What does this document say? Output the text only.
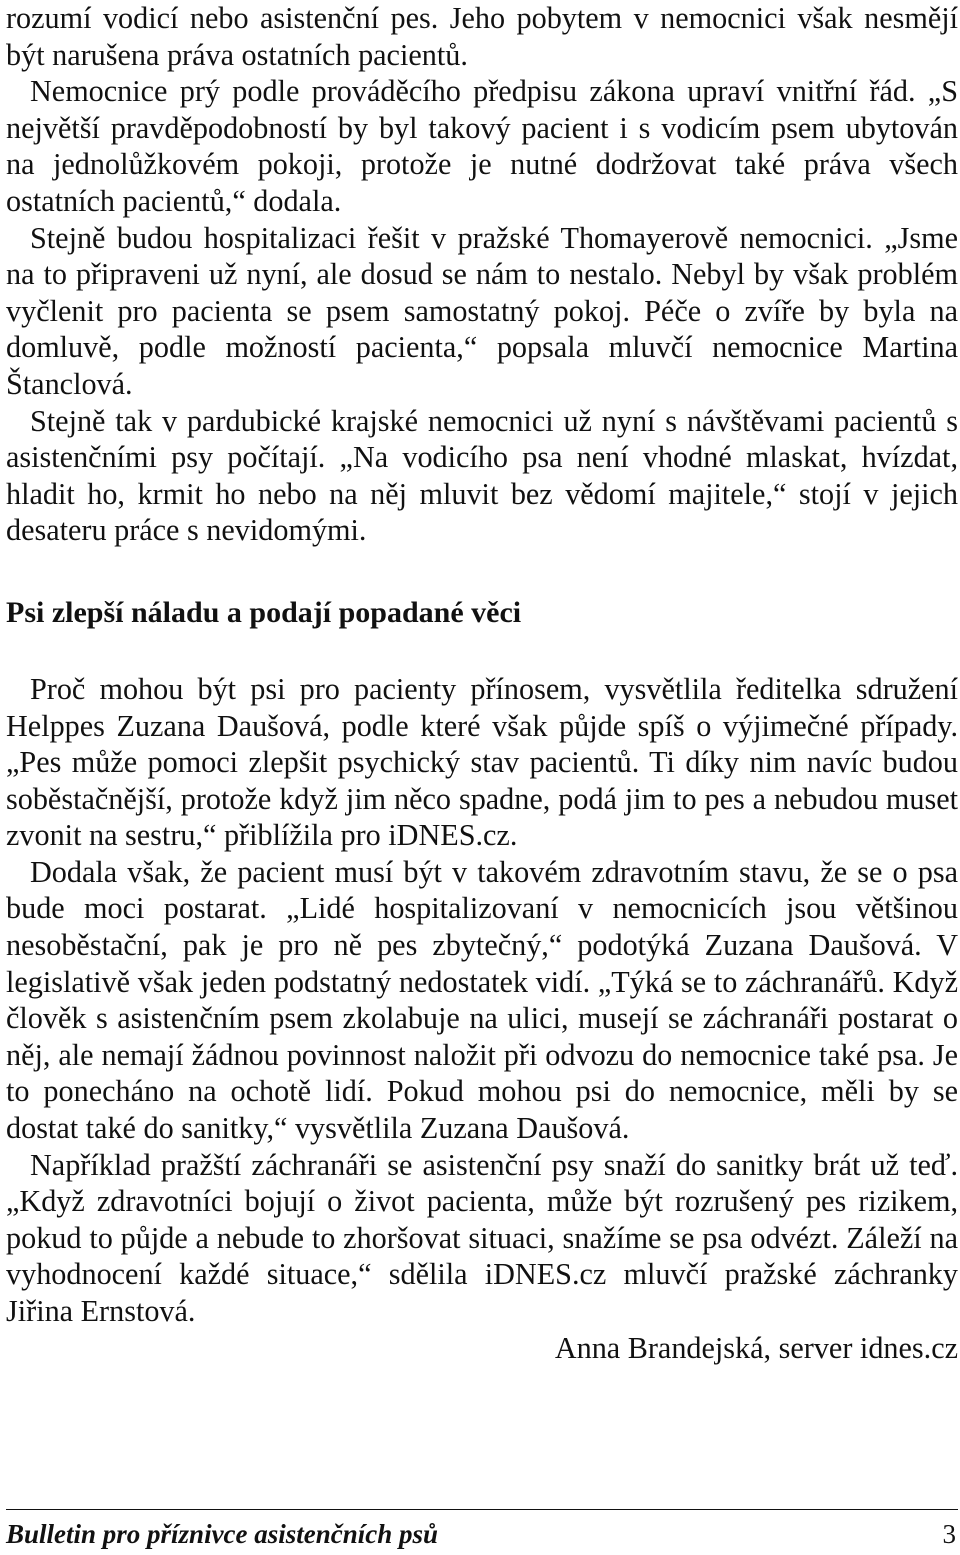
rozumí vodicí nebo asistenční pes. Jeho pobytem v nemocnici však nesmějí být narušena práva ostatních pacientů.

Nemocnice prý podle prováděcího předpisu zákona upraví vnitřní řád. „S největší pravděpodobností by byl takový pacient i s vodicím psem ubytován na jednolůžkovém pokoji, protože je nutné dodržovat také práva všech ostatních pacientů,“ dodala.

Stejně budou hospitalizaci řešit v pražské Thomayerově nemocnici. „Jsme na to připraveni už nyní, ale dosud se nám to nestalo. Nebyl by však problém vyčlenit pro pacienta se psem samostatný pokoj. Péče o zvíře by byla na domluvě, podle možností pacienta,“ popsala mluvčí nemocnice Martina Štanclová.

Stejně tak v pardubické krajské nemocnici už nyní s návštěvami pacientů s asistenčními psy počítají. „Na vodicího psa není vhodné mlaskat, hvízdat, hladit ho, krmit ho nebo na něj mluvit bez vědomí majitele,“ stojí v jejich desateru práce s nevidomými.

Psi zlepší náladu a podají popadané věci

Proč mohou být psi pro pacienty přínosem, vysvětlila ředitelka sdružení Helppes Zuzana Daušová, podle které však půjde spíš o výjimečné případy. „Pes může pomoci zlepšit psychický stav pacientů. Ti díky nim navíc budou soběstačnější, protože když jim něco spadne, podá jim to pes a nebudou muset zvonit na sestru,“ přiblížila pro iDNES.cz.

Dodala však, že pacient musí být v takovém zdravotním stavu, že se o psa bude moci postarat. „Lidé hospitalizovaní v nemocnicích jsou většinou nesoběstační, pak je pro ně pes zbytečný,“ podotýká Zuzana Daušová. V legislativě však jeden podstatný nedostatek vidí. „Týká se to záchranářů. Když člověk s asistenčním psem zkolabuje na ulici, musejí se záchranáři postarat o něj, ale nemají žádnou povinnost naložit při odvozu do nemocnice také psa. Je to ponecháno na ochotě lidí. Pokud mohou psi do nemocnice, měli by se dostat také do sanitky,“ vysvětlila Zuzana Daušová.

Například pražští záchranáři se asistenční psy snaží do sanitky brát už teď. „Když zdravotníci bojují o život pacienta, může být rozrušený pes rizikem, pokud to půjde a nebude to zhoršovat situaci, snažíme se psa odvézt. Záleží na vyhodnocení každé situace,“ sdělila iDNES.cz mluvčí pražské záchranky Jiřina Ernstová.

Anna Brandejská, server idnes.cz

Bulletin pro příznivce asistenčních psů	3
